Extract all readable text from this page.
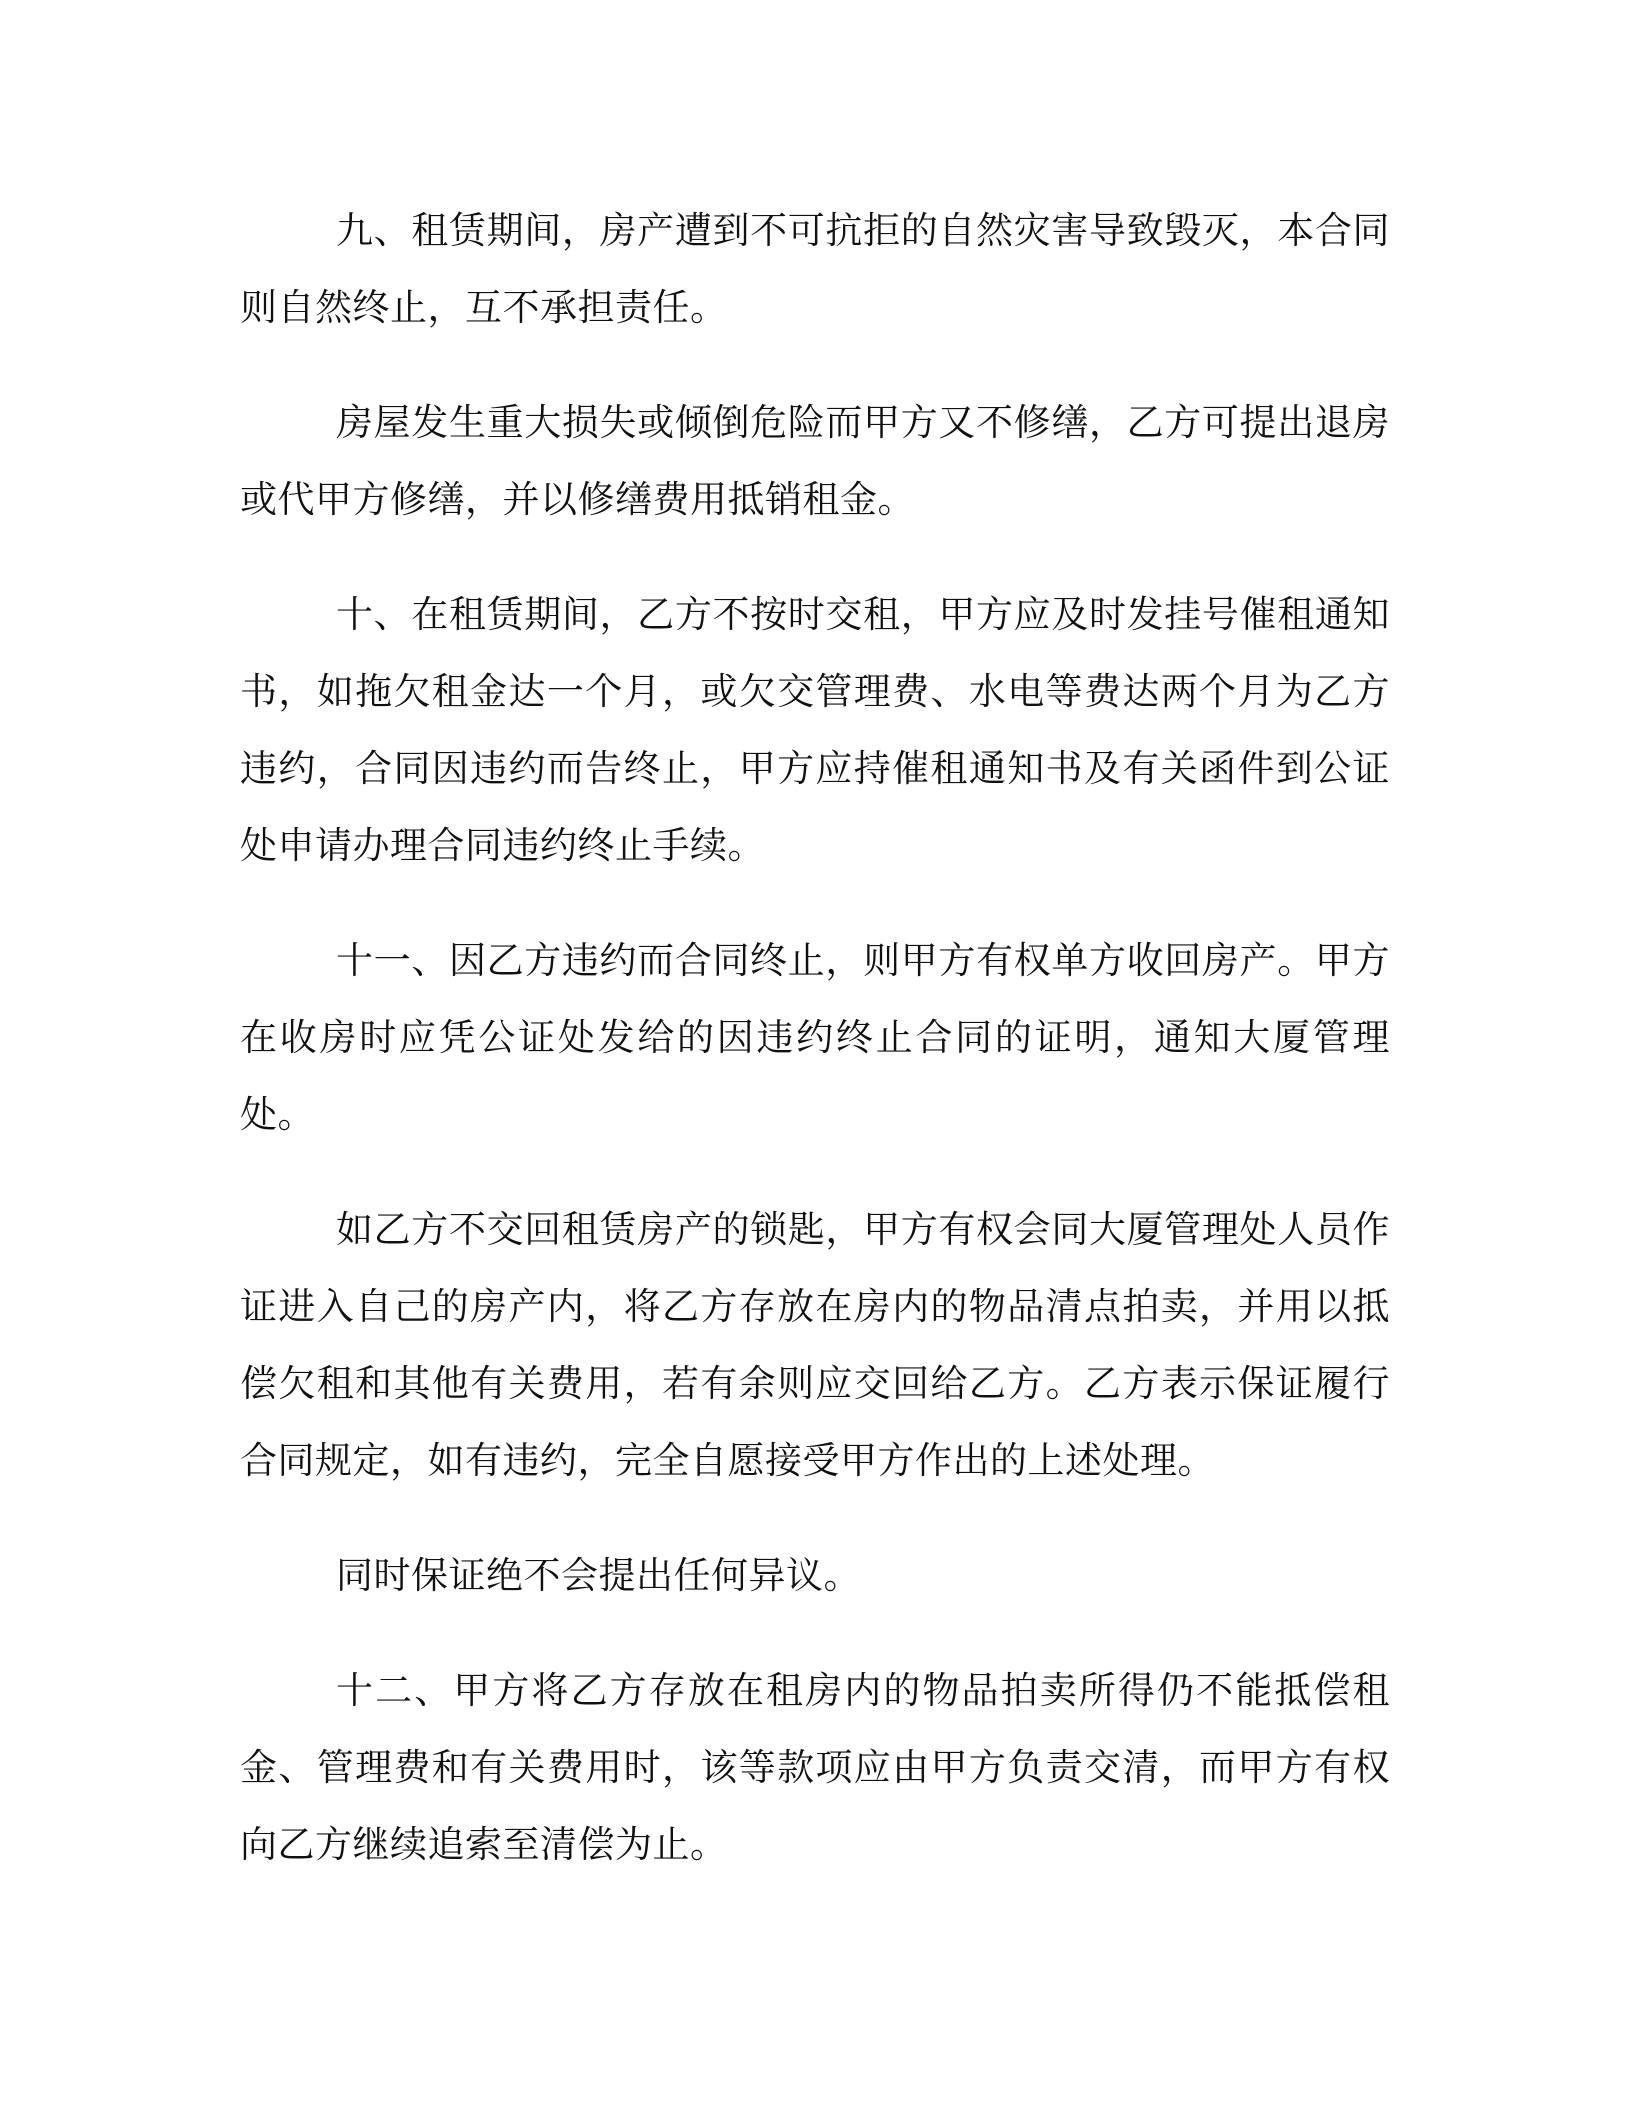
九、租赁期间，房产遭到不可抗拒的自然灾害导致毁灭，本合同则自然终止，互不承担责任。

房屋发生重大损失或倾倒危险而甲方又不修缮，乙方可提出退房或代甲方修缮，并以修缮费用抵销租金。

十、在租赁期间，乙方不按时交租，甲方应及时发挂号催租通知书，如拖欠租金达一个月，或欠交管理费、水电等费达两个月为乙方违约，合同因违约而告终止，甲方应持催租通知书及有关函件到公证处申请办理合同违约终止手续。

十一、因乙方违约而合同终止，则甲方有权单方收回房产。甲方在收房时应凭公证处发给的因违约终止合同的证明，通知大厦管理处。

如乙方不交回租赁房产的锁匙，甲方有权会同大厦管理处人员作证进入自己的房产内，将乙方存放在房内的物品清点拍卖，并用以抵偿欠租和其他有关费用，若有余则应交回给乙方。乙方表示保证履行合同规定，如有违约，完全自愿接受甲方作出的上述处理。

同时保证绝不会提出任何异议。

十二、甲方将乙方存放在租房内的物品拍卖所得仍不能抵偿租金、管理费和有关费用时，该等款项应由甲方负责交清，而甲方有权向乙方继续追索至清偿为止。
